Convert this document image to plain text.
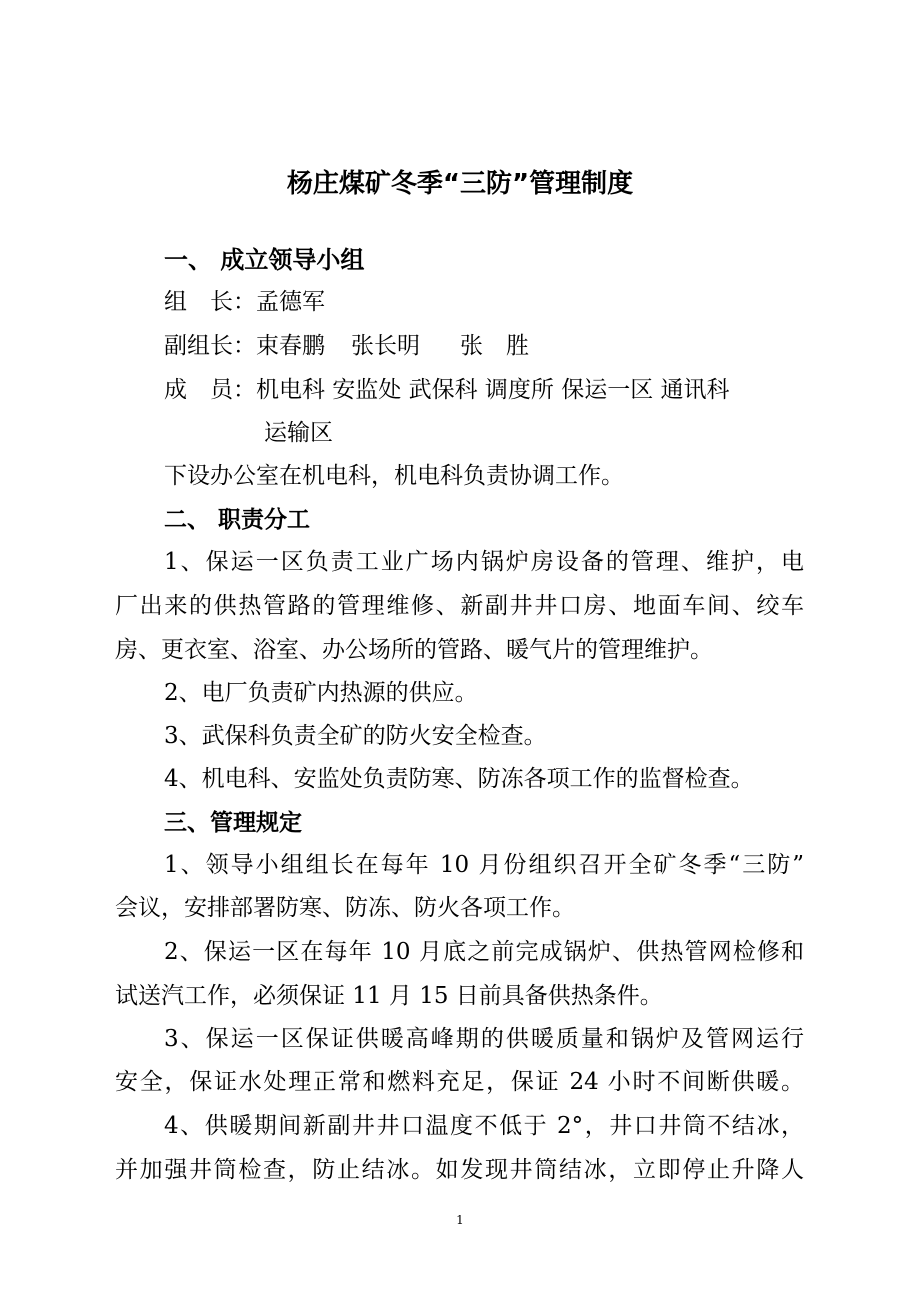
杨庄煤矿冬季“三防”管理制度
一、 成立领导小组
组　长：孟德军
副组长：束春鹏 张长明 张　胜
成　员：机电科 安监处 武保科 调度所 保运一区 通讯科
运输区
下设办公室在机电科，机电科负责协调工作。
二、 职责分工
1、保运一区负责工业广场内锅炉房设备的管理、维护，电
厂出来的供热管路的管理维修、新副井井口房、地面车间、绞车
房、更衣室、浴室、办公场所的管路、暖气片的管理维护。
2、电厂负责矿内热源的供应。
3、武保科负责全矿的防火安全检查。
4、机电科、安监处负责防寒、防冻各项工作的监督检查。
三、管理规定
1、领导小组组长在每年 10 月份组织召开全矿冬季“三防”
会议，安排部署防寒、防冻、防火各项工作。
2、保运一区在每年 10 月底之前完成锅炉、供热管网检修和
试送汽工作，必须保证 11 月 15 日前具备供热条件。
3、保运一区保证供暖高峰期的供暖质量和锅炉及管网运行
安全，保证水处理正常和燃料充足，保证 24 小时不间断供暖。
4、供暖期间新副井井口温度不低于 2°，井口井筒不结冰，
并加强井筒检查，防止结冰。如发现井筒结冰，立即停止升降人
1
